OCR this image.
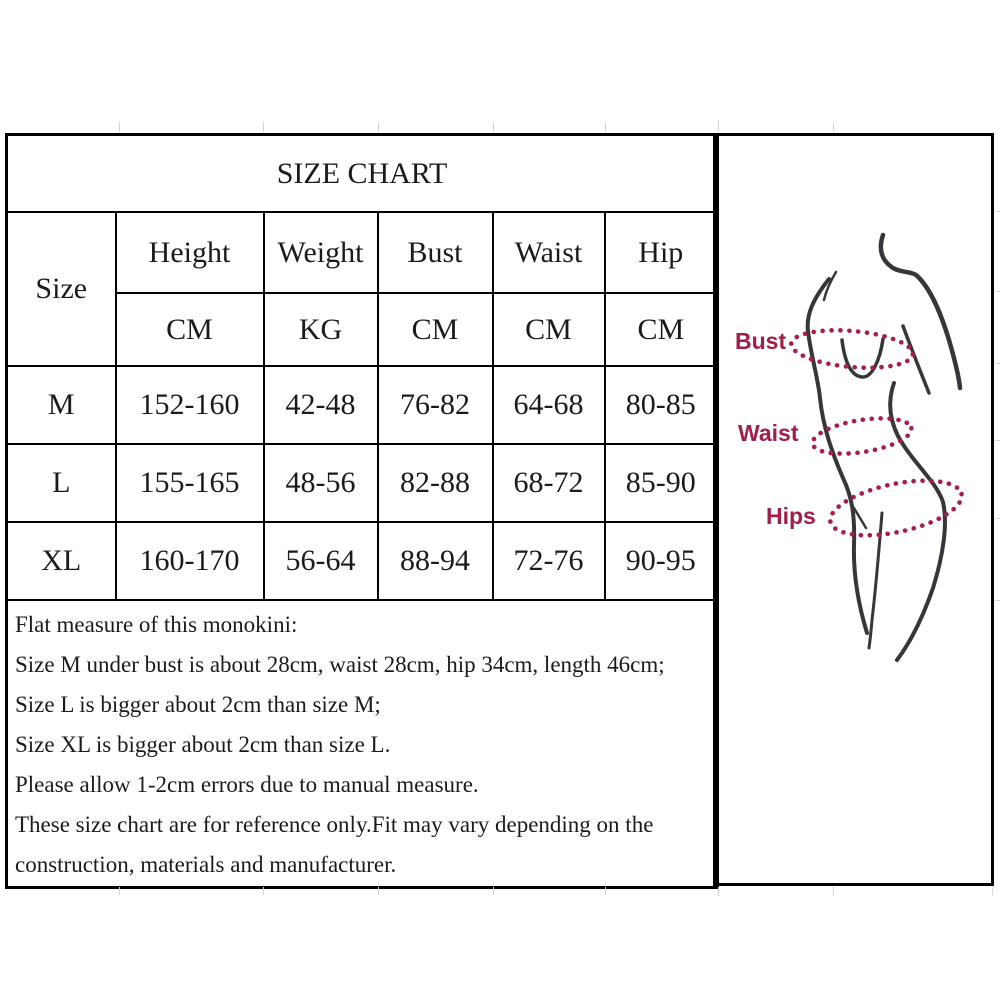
SIZE CHART					
Size	Height	Weight	Bust	Waist	Hip
	CM	KG	CM	CM	CM
M	152-160	42-48	76-82	64-68	80-85
L	155-165	48-56	82-88	68-72	85-90
XL	160-170	56-64	88-94	72-76	90-95

Flat measure of this monokini:
Size M under bust is about 28cm, waist 28cm, hip 34cm, length 46cm;
Size L is bigger about 2cm than size M;
Size XL is bigger about 2cm than size L.
Please allow 1-2cm errors due to manual measure.
These size chart are for reference only.Fit may vary depending on the
construction, materials and manufacturer.
Bust
Waist
Hips
